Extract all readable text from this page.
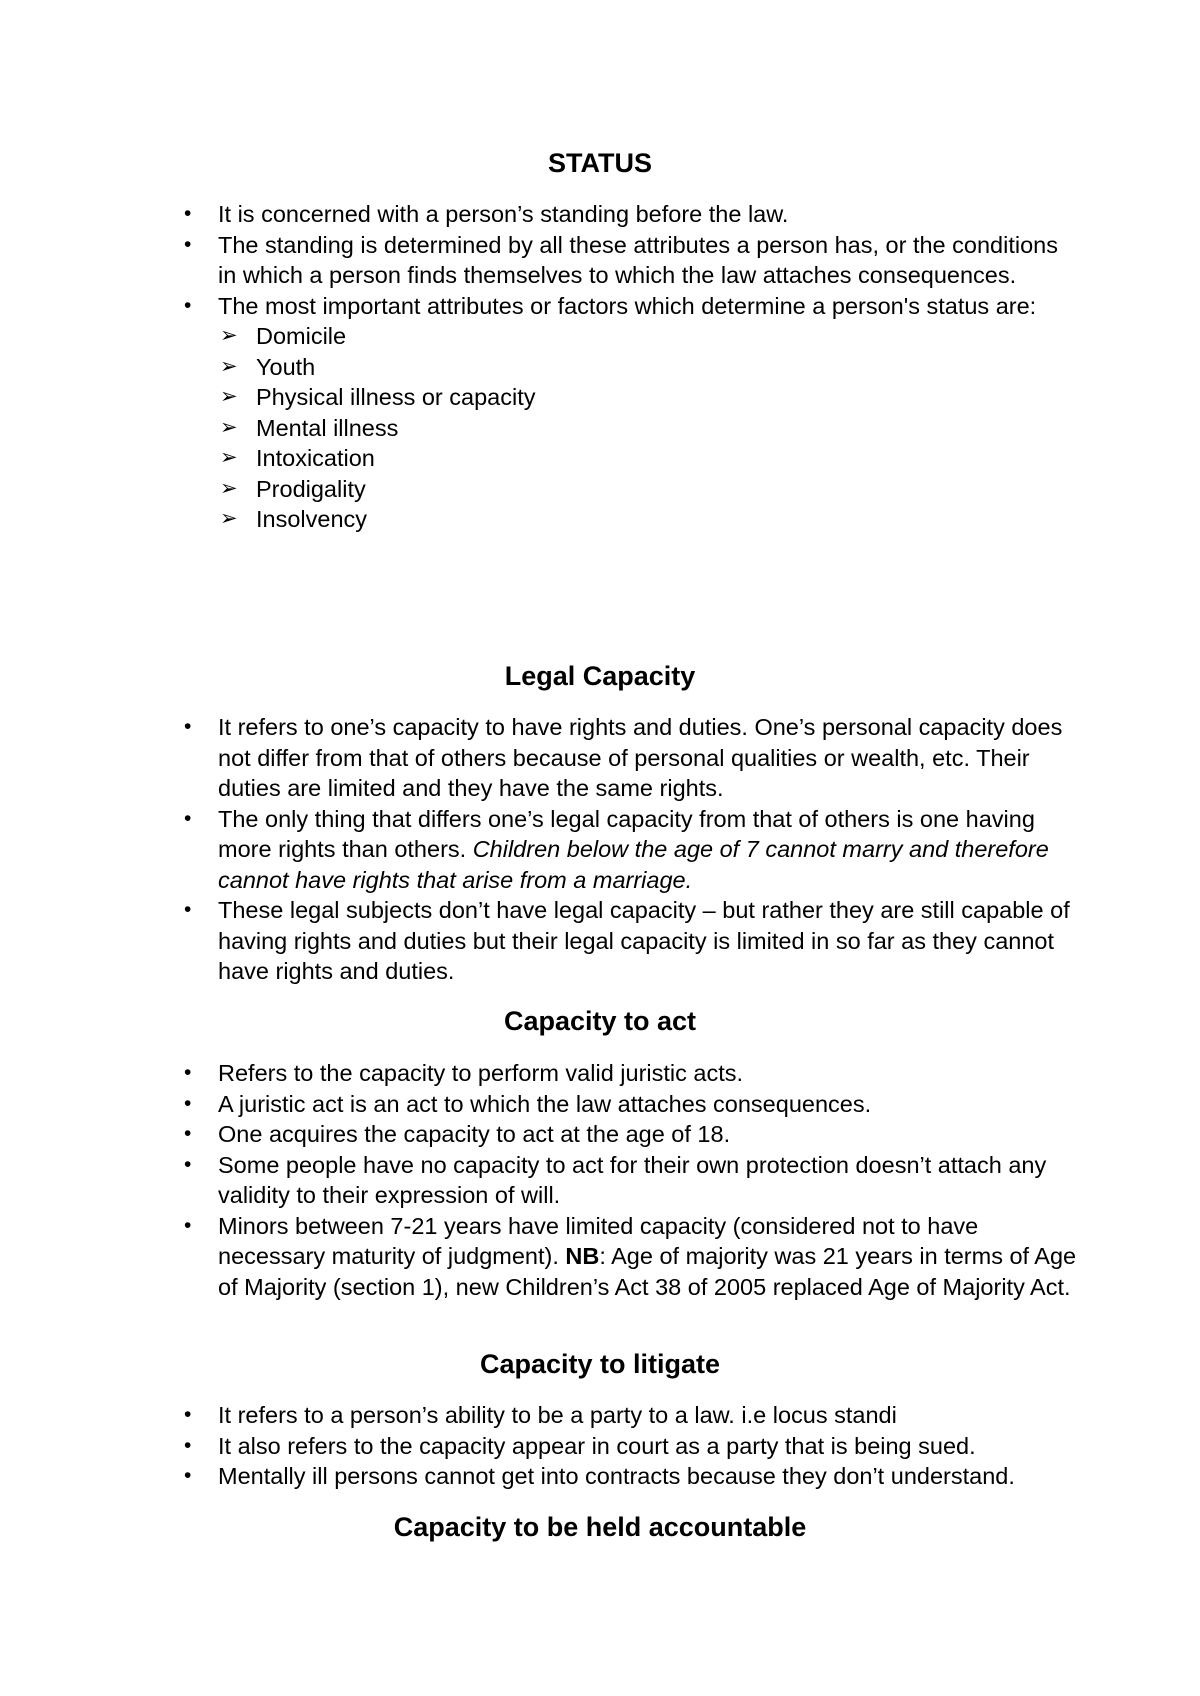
STATUS
• It is concerned with a person’s standing before the law.
• The standing is determined by all these attributes a person has, or the conditions in which a person finds themselves to which the law attaches consequences.
• The most important attributes or factors which determine a person's status are:
➢ Domicile
➢ Youth
➢ Physical illness or capacity
➢ Mental illness
➢ Intoxication
➢ Prodigality
➢ Insolvency
Legal Capacity
• It refers to one’s capacity to have rights and duties. One’s personal capacity does not differ from that of others because of personal qualities or wealth, etc. Their duties are limited and they have the same rights.
• The only thing that differs one’s legal capacity from that of others is one having more rights than others. Children below the age of 7 cannot marry and therefore cannot have rights that arise from a marriage.
• These legal subjects don’t have legal capacity – but rather they are still capable of having rights and duties but their legal capacity is limited in so far as they cannot have rights and duties.
Capacity to act
• Refers to the capacity to perform valid juristic acts.
• A juristic act is an act to which the law attaches consequences.
• One acquires the capacity to act at the age of 18.
• Some people have no capacity to act for their own protection doesn’t attach any validity to their expression of will.
• Minors between 7-21 years have limited capacity (considered not to have necessary maturity of judgment). NB: Age of majority was 21 years in terms of Age of Majority (section 1), new Children’s Act 38 of 2005 replaced Age of Majority Act.
Capacity to litigate
• It refers to a person’s ability to be a party to a law. i.e locus standi
• It also refers to the capacity appear in court as a party that is being sued.
• Mentally ill persons cannot get into contracts because they don’t understand.
Capacity to be held accountable
